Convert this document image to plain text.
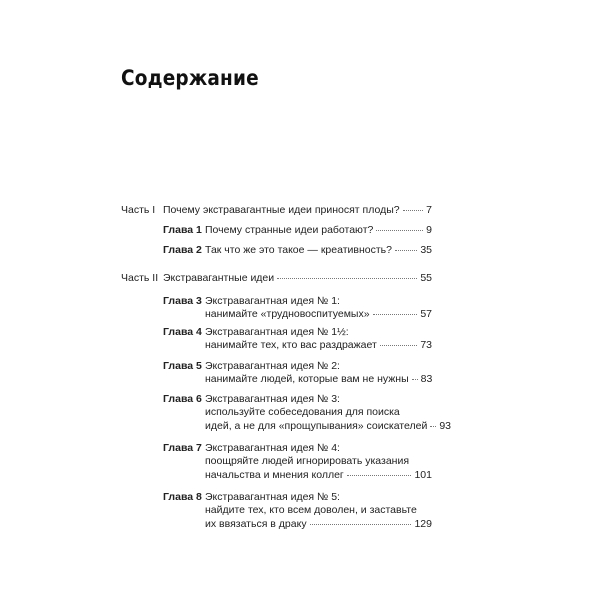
Содержание
Часть I Почему экстравагантные идеи приносят плоды?	7
Глава 1 Почему странные идеи работают?	9
Глава 2 Так что же это такое — креативность?	35
Часть II Экстравагантные идеи	55
Глава 3 Экстравагантная идея № 1:
нанимайте «трудновоспитуемых»	57
Глава 4 Экстравагантная идея № 1½:
нанимайте тех, кто вас раздражает	73
Глава 5 Экстравагантная идея № 2:
нанимайте людей, которые вам не нужны 83
Глава 6 Экстравагантная идея № 3:
используйте собеседования для поиска
идей, а не для «прощупывания» соискателей 93
Глава 7 Экстравагантная идея № 4:
поощряйте людей игнорировать указания
начальства и мнения коллег	101
Глава 8 Экстравагантная идея № 5:
найдите тех, кто всем доволен, и заставьте
их ввязаться в драку	129
